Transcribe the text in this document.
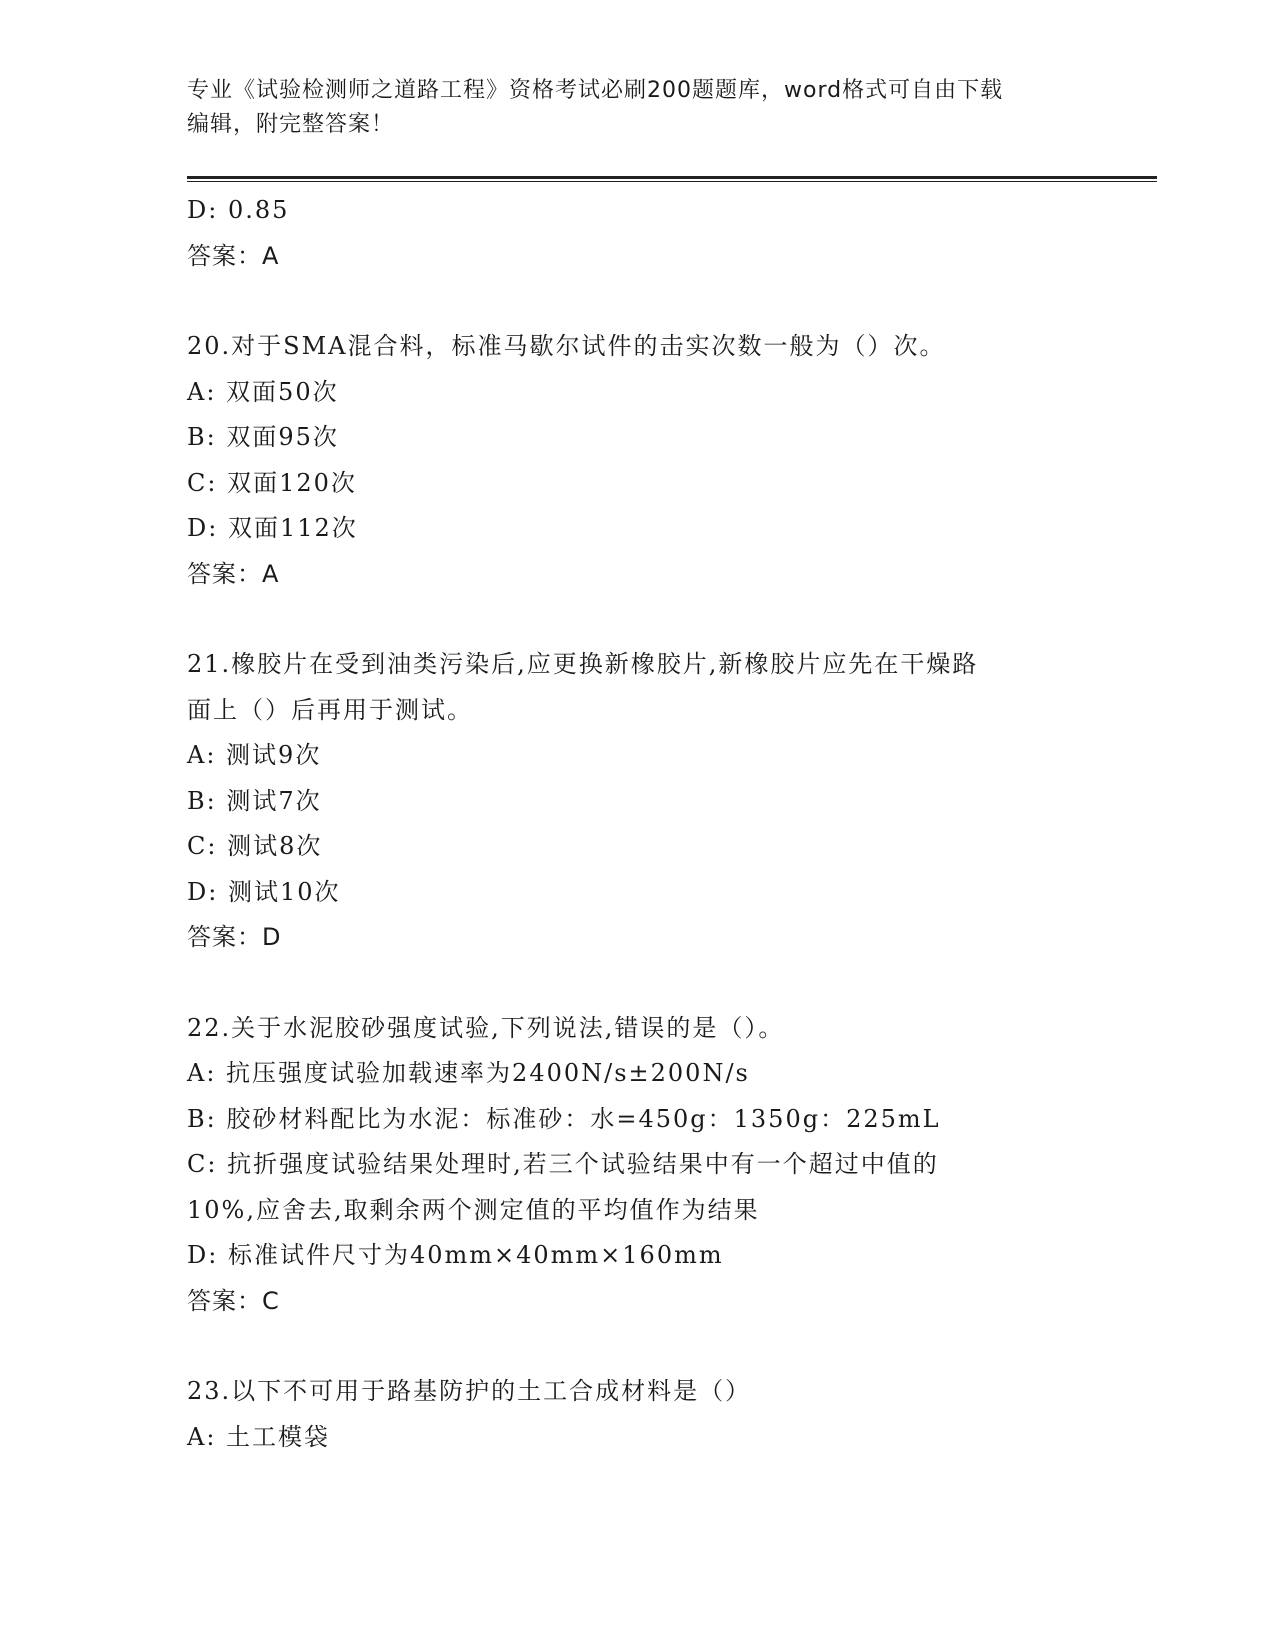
专业《试验检测师之道路工程》资格考试必刷200题题库，word格式可自由下载
编辑，附完整答案！
D: 0.85
答案：A
20.对于SMA混合料，标准马歇尔试件的击实次数一般为（）次。
A: 双面50次
B: 双面95次
C: 双面120次
D: 双面112次
答案：A
21.橡胶片在受到油类污染后,应更换新橡胶片,新橡胶片应先在干燥路
面上（）后再用于测试。
A: 测试9次
B: 测试7次
C: 测试8次
D: 测试10次
答案：D
22.关于水泥胶砂强度试验,下列说法,错误的是（）。
A: 抗压强度试验加载速率为2400N/s±200N/s
B: 胶砂材料配比为水泥：标准砂：水=450g：1350g：225mL
C: 抗折强度试验结果处理时,若三个试验结果中有一个超过中值的
10%,应舍去,取剩余两个测定值的平均值作为结果
D: 标准试件尺寸为40mm×40mm×160mm
答案：C
23.以下不可用于路基防护的土工合成材料是（）
A: 土工模袋
